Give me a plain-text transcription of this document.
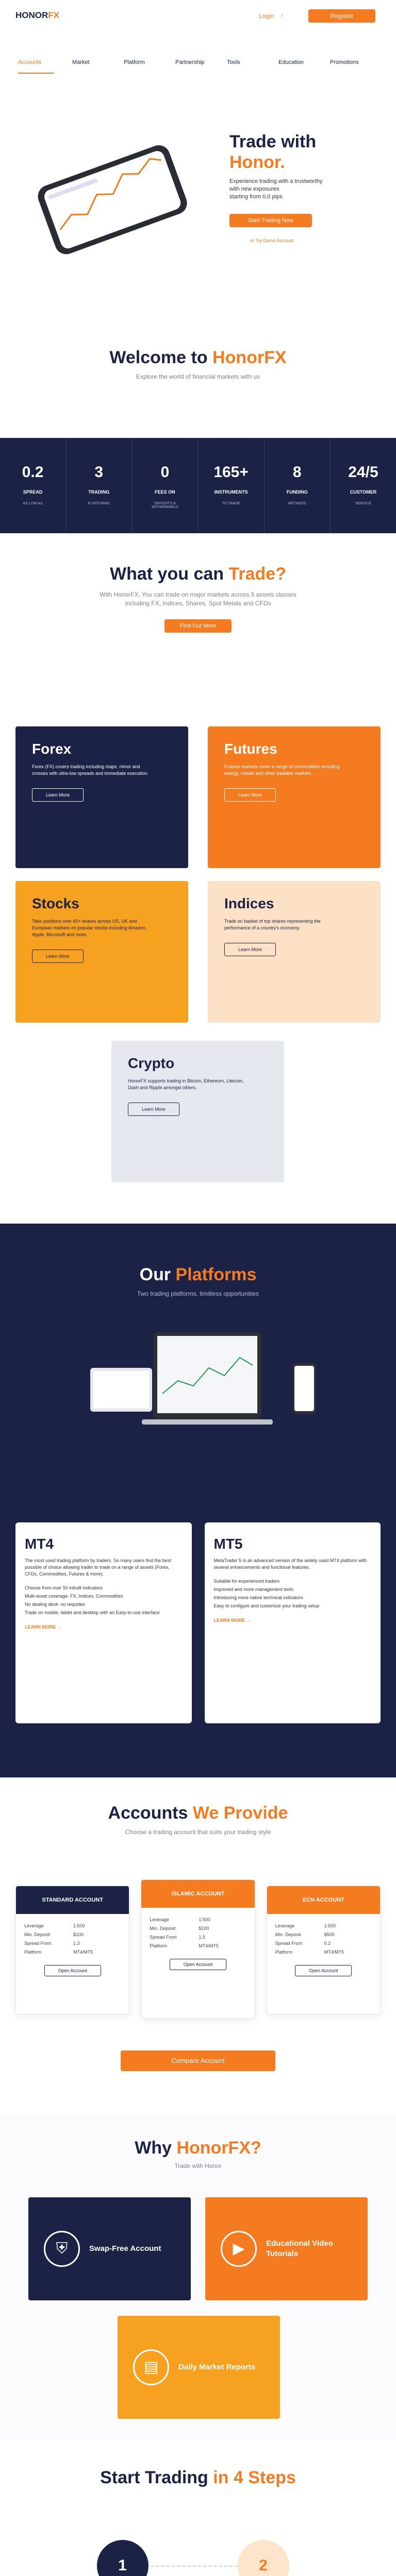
HONORFX	Login /	Register
Accounts	Market	Platform	Partnership	Tools	Education	Promotions
Trade with
Honor.
Experience trading with a trustworthy
with new exposures
starting from 0.0 pips
Start Trading Now
or Try Demo Account
Welcome to HonorFX

Explore the world of financial markets with us

0.2
SPREAD
AS LOW AS
3
TRADING
PLATFORMS
0
FEES ON
DEPOSITS &
WITHDRAWALS
165+
INSTRUMENTS
TO TRADE
8
FUNDING
METHODS
24/5
CUSTOMER
SERVICE
What you can Trade?

With HonorFX, You can trade on major markets across 5 assets classes including FX, Indices, Shares, Spot Metals and CFDs

Find Out More
Forex
Forex (FX) covers trading including major, minor and crosses with ultra-low spreads and immediate execution.
Learn More
Futures
Futures markets cover a range of commodities including energy, metals and other tradable markets.
Learn More
Stocks
Take positions over 60+ shares across US, UK and European markets on popular stocks including Amazon, Apple, Microsoft and more.
Learn More
Indices
Trade on basket of top shares representing the performance of a country's economy.
Learn More
Crypto
HonorFX supports trading in Bitcoin, Ethereum, Litecoin, Dash and Ripple amongst others.
Learn More
Our Platforms

Two trading platforms, limitless opportunities

MT4
The most used trading platform by traders. So many users find the best possible of choice allowing trader to trade on a range of assets (Forex, CFDs, Commodities, Futures & more).
Choose from over 50 inbuilt indicators
Multi-asset coverage: FX, Indices, Commodities
No dealing desk: no requotes
Trade on mobile, tablet and desktop with an Easy-to-use interface
LEARN MORE →
MT5
MetaTrader 5 is an advanced version of the widely used MT4 platform with several enhancements and functional features.
Suitable for experienced traders
Improved and more management tools
Introducing more native technical indicators
Easy to configure and customize your trading setup
LEARN MORE →
Accounts We Provide

Choose a trading account that suits your trading style

STANDARD ACCOUNT
Leverage	1:500
Min. Deposit	$100
Spread From	1.3
Platform	MT4/MT5
Open Account
ISLAMIC ACCOUNT
Leverage	1:500
Min. Deposit	$100
Spread From	1.5
Platform	MT4/MT5
Open Account
ECN ACCOUNT
Leverage	1:500
Min. Deposit	$500
Spread From	0.2
Platform	MT4/MT5
Open Account
Compare Account
Why HonorFX?

Trade with Honor

⛨	Swap-Free Account	▶	Educational Video Tutorials
▤	Daily Market Reports
Start Trading in 4 Steps
1	2
